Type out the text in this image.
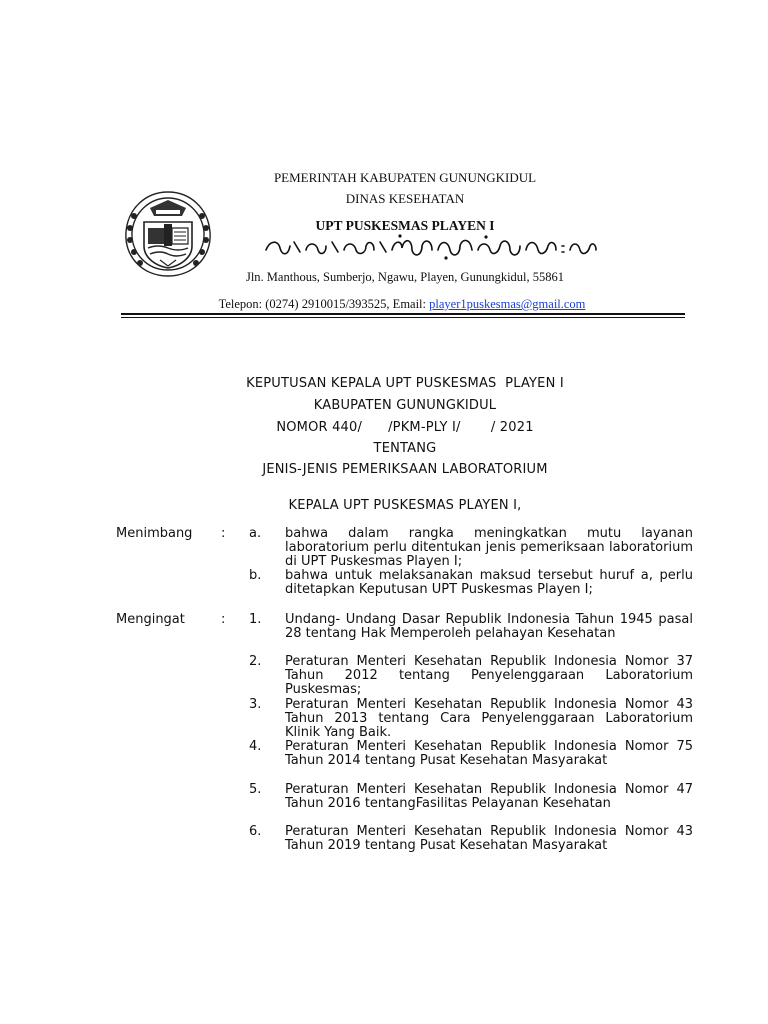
PEMERINTAH KABUPATEN GUNUNGKIDUL
DINAS KESEHATAN
UPT PUSKESMAS PLAYEN I
Jln. Manthous, Sumberjo, Ngawu, Playen, Gunungkidul, 55861
Telepon: (0274) 2910015/393525, Email: player1puskesmas@gmail.com
KEPUTUSAN KEPALA UPT PUSKESMAS  PLAYEN I
KABUPATEN GUNUNGKIDUL
NOMOR 440/      /PKM-PLY I/       / 2021
TENTANG
JENIS-JENIS PEMERIKSAAN LABORATORIUM
KEPALA UPT PUSKESMAS PLAYEN I,
Menimbang : a. bahwa dalam rangka meningkatkan mutu layanan laboratorium perlu ditentukan jenis pemeriksaan laboratorium di UPT Puskesmas Playen I;
b. bahwa untuk melaksanakan maksud tersebut huruf a, perlu ditetapkan Keputusan UPT Puskesmas Playen I;
Mengingat	: 1. Undang- Undang Dasar Republik Indonesia Tahun 1945 pasal 28 tentang Hak Memperoleh pelahayan Kesehatan
2. Peraturan Menteri Kesehatan Republik Indonesia Nomor 37 Tahun 2012 tentang Penyelenggaraan Laboratorium Puskesmas;
3. Peraturan Menteri Kesehatan Republik Indonesia Nomor 43 Tahun 2013 tentang Cara Penyelenggaraan Laboratorium Klinik Yang Baik.
4. Peraturan Menteri Kesehatan Republik Indonesia Nomor 75 Tahun 2014 tentang Pusat Kesehatan Masyarakat
5. Peraturan Menteri Kesehatan Republik Indonesia Nomor 47 Tahun 2016 tentangFasilitas Pelayanan Kesehatan
6. Peraturan Menteri Kesehatan Republik Indonesia Nomor 43 Tahun 2019 tentang Pusat Kesehatan Masyarakat
